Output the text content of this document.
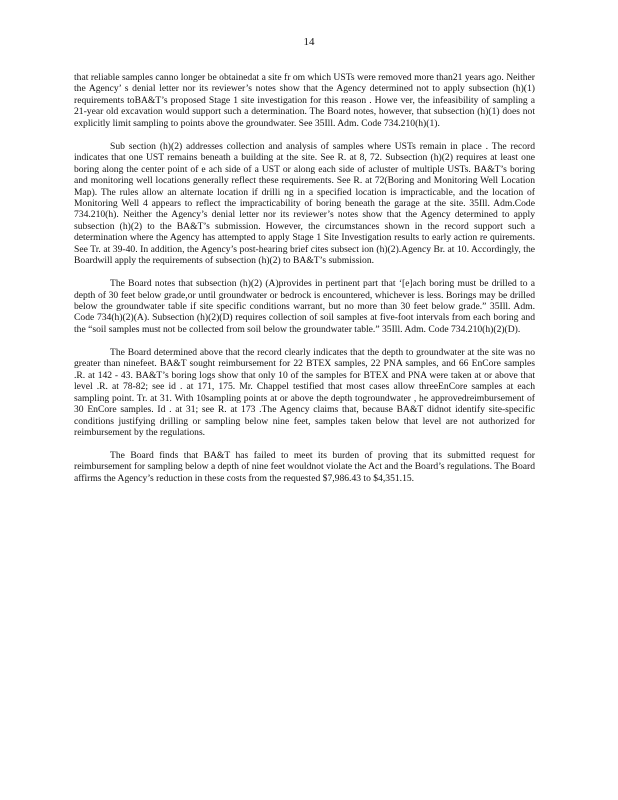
14

that reliable samples canno longer be obtainedat a site fr om which USTs were removed more than21 years ago. Neither the Agency’ s denial letter nor its reviewer’s notes show that the Agency determined not to apply subsection (h)(1) requirements toBA&T’s proposed Stage 1 site investigation for this reason . Howe ver, the infeasibility of sampling a 21-year old excavation would support such a determination. The Board notes, however, that subsection (h)(1) does not explicitly limit sampling to points above the groundwater. See 35Ill. Adm. Code 734.210(h)(1).

Sub section (h)(2) addresses collection and analysis of samples where USTs remain in place . The record indicates that one UST remains beneath a building at the site. See R. at 8, 72. Subsection (h)(2) requires at least one boring along the center point of e ach side of a UST or along each side of acluster of multiple USTs. BA&T’s boring and monitoring well locations generally reflect these requirements. See R. at 72(Boring and Monitoring Well Location Map). The rules allow an alternate location if drilli ng in a specified location is impracticable, and the location of Monitoring Well 4 appears to reflect the impracticability of boring beneath the garage at the site. 35Ill. Adm.Code 734.210(h). Neither the Agency’s denial letter nor its reviewer’s notes show that the Agency determined to apply subsection (h)(2) to the BA&T’s submission. However, the circumstances shown in the record support such a determination where the Agency has attempted to apply Stage 1 Site Investigation results to early action re quirements. See Tr. at 39-40. In addition, the Agency’s post-hearing brief cites subsect ion (h)(2).Agency Br. at 10. Accordingly, the Boardwill apply the requirements of subsection (h)(2) to BA&T’s submission.

The Board notes that subsection (h)(2) (A)provides in pertinent part that ‘[e]ach boring must be drilled to a depth of 30 feet below grade,or until groundwater or bedrock is encountered, whichever is less. Borings may be drilled below the groundwater table if site specific conditions warrant, but no more than 30 feet below grade.” 35Ill. Adm. Code 734(h)(2)(A). Subsection (h)(2)(D) requires collection of soil samples at five-foot intervals from each boring and the “soil samples must not be collected from soil below the groundwater table.” 35Ill. Adm. Code 734.210(h)(2)(D).

The Board determined above that the record clearly indicates that the depth to groundwater at the site was no greater than ninefeet. BA&T sought reimbursement for 22 BTEX samples, 22 PNA samples, and 66 EnCore samples .R. at 142 - 43. BA&T’s boring logs show that only 10 of the samples for BTEX and PNA were taken at or above that level .R. at 78-82; see id . at 171, 175. Mr. Chappel testified that most cases allow threeEnCore samples at each sampling point. Tr. at 31. With 10sampling points at or above the depth togroundwater , he approvedreimbursement of 30 EnCore samples. Id . at 31; see R. at 173 .The Agency claims that, because BA&T didnot identify site-specific conditions justifying drilling or sampling below nine feet, samples taken below that level are not authorized for reimbursement by the regulations.

The Board finds that BA&T has failed to meet its burden of proving that its submitted request for reimbursement for sampling below a depth of nine feet wouldnot violate the Act and the Board’s regulations. The Board affirms the Agency’s reduction in these costs from the requested $7,986.43 to $4,351.15.
